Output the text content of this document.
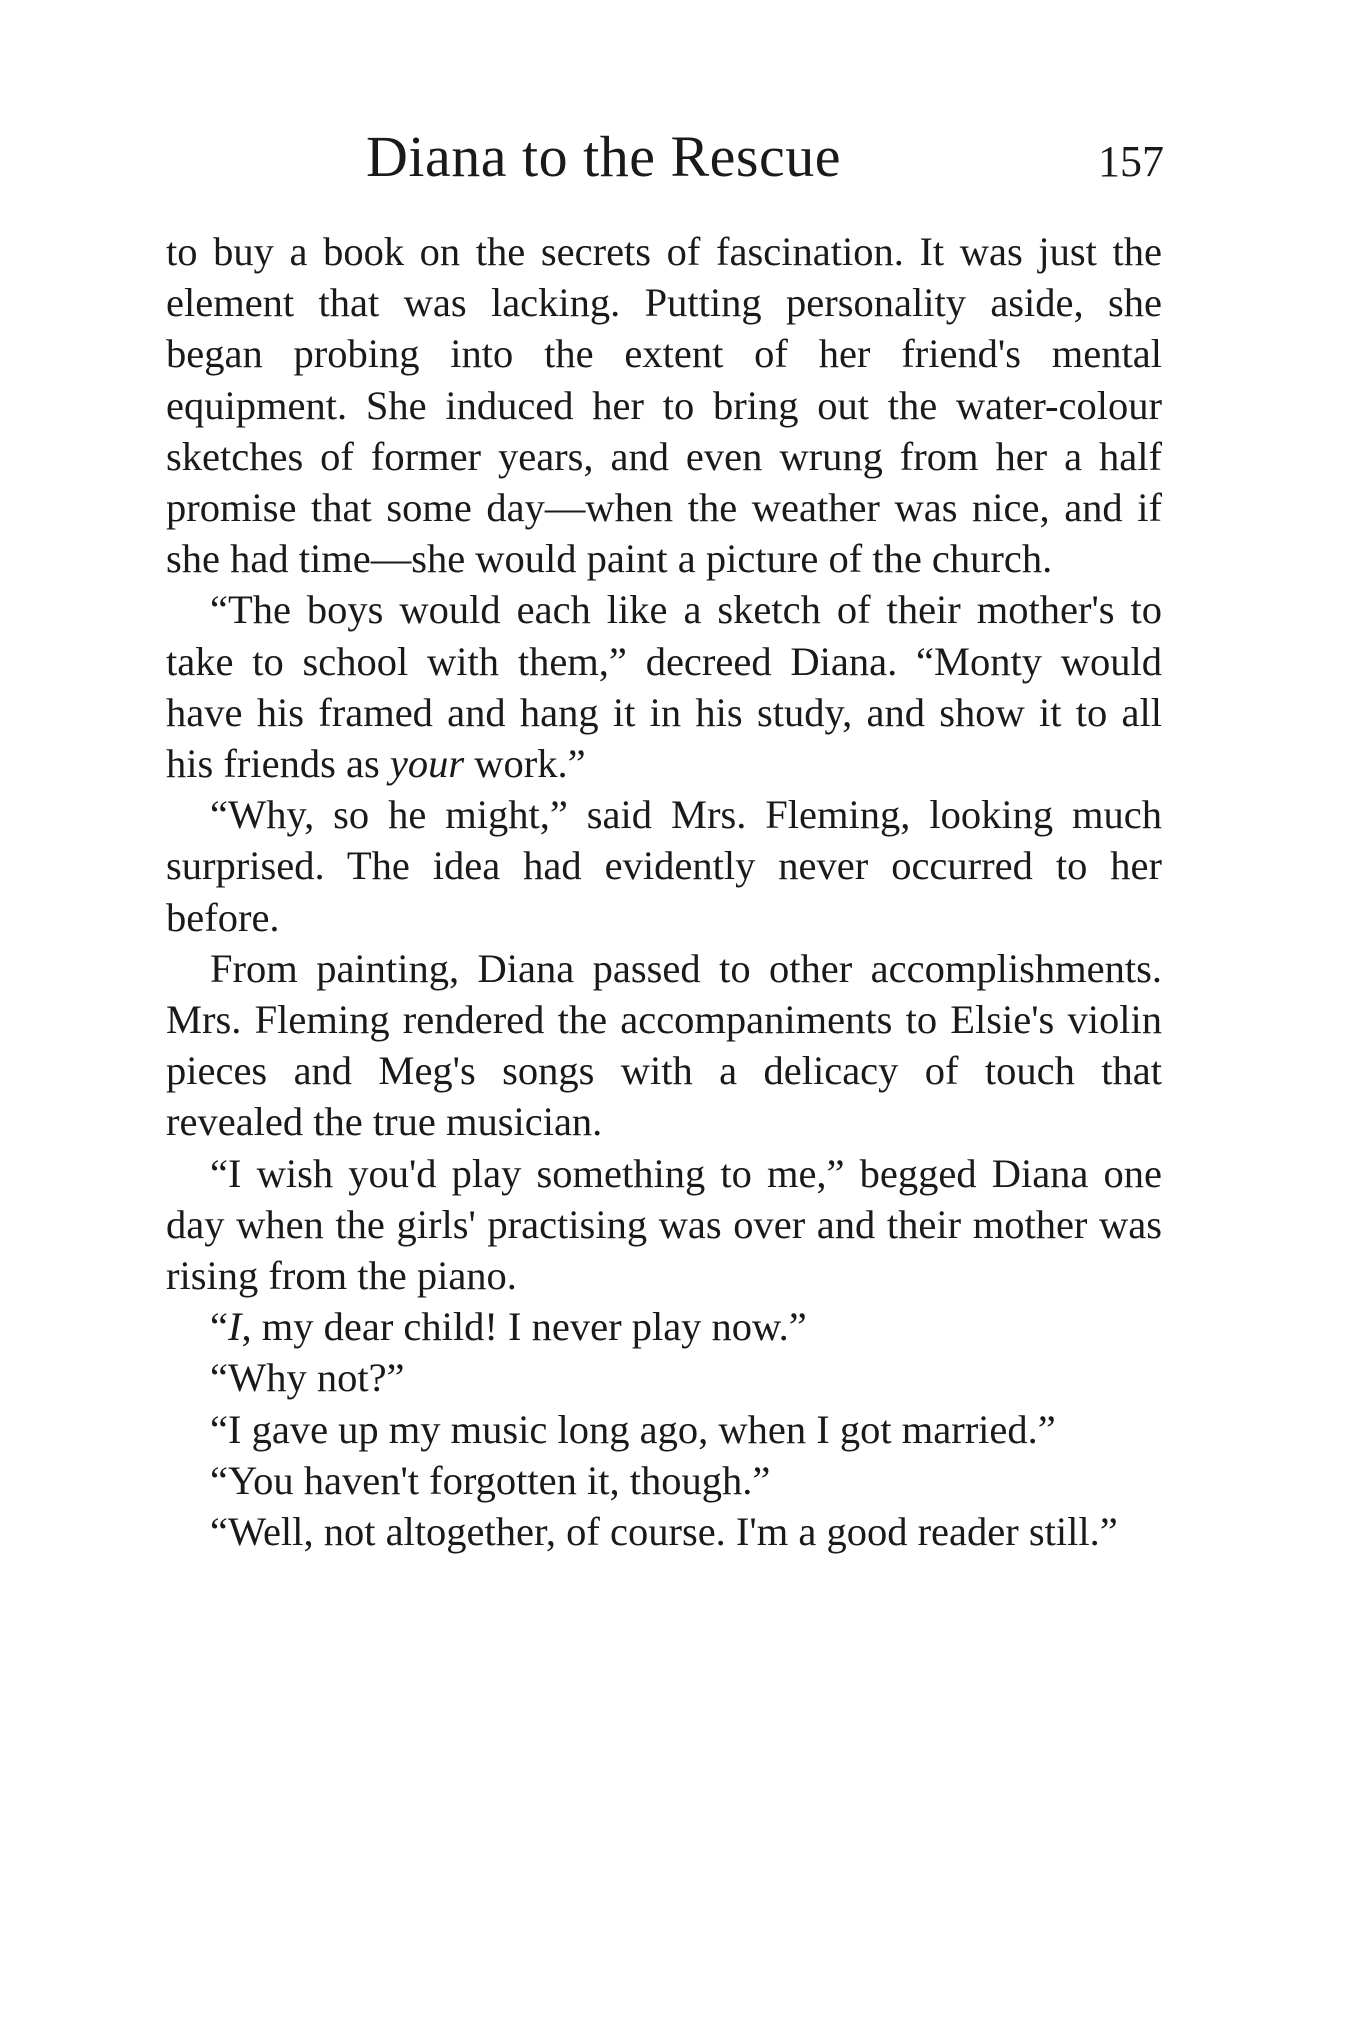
Diana to the Rescue	157

to buy a book on the secrets of fascination. It was just the element that was lacking. Putting personality aside, she began probing into the extent of her friend's mental equipment. She induced her to bring out the water-colour sketches of former years, and even wrung from her a half promise that some day—when the weather was nice, and if she had time—she would paint a picture of the church.

“The boys would each like a sketch of their mother's to take to school with them,” decreed Diana. “Monty would have his framed and hang it in his study, and show it to all his friends as your work.”

“Why, so he might,” said Mrs. Fleming, looking much surprised. The idea had evidently never occurred to her before.

From painting, Diana passed to other accomplishments. Mrs. Fleming rendered the accompaniments to Elsie's violin pieces and Meg's songs with a delicacy of touch that revealed the true musician.

“I wish you'd play something to me,” begged Diana one day when the girls' practising was over and their mother was rising from the piano.

“I, my dear child! I never play now.”

“Why not?”

“I gave up my music long ago, when I got married.”

“You haven't forgotten it, though.”

“Well, not altogether, of course. I'm a good reader still.”
